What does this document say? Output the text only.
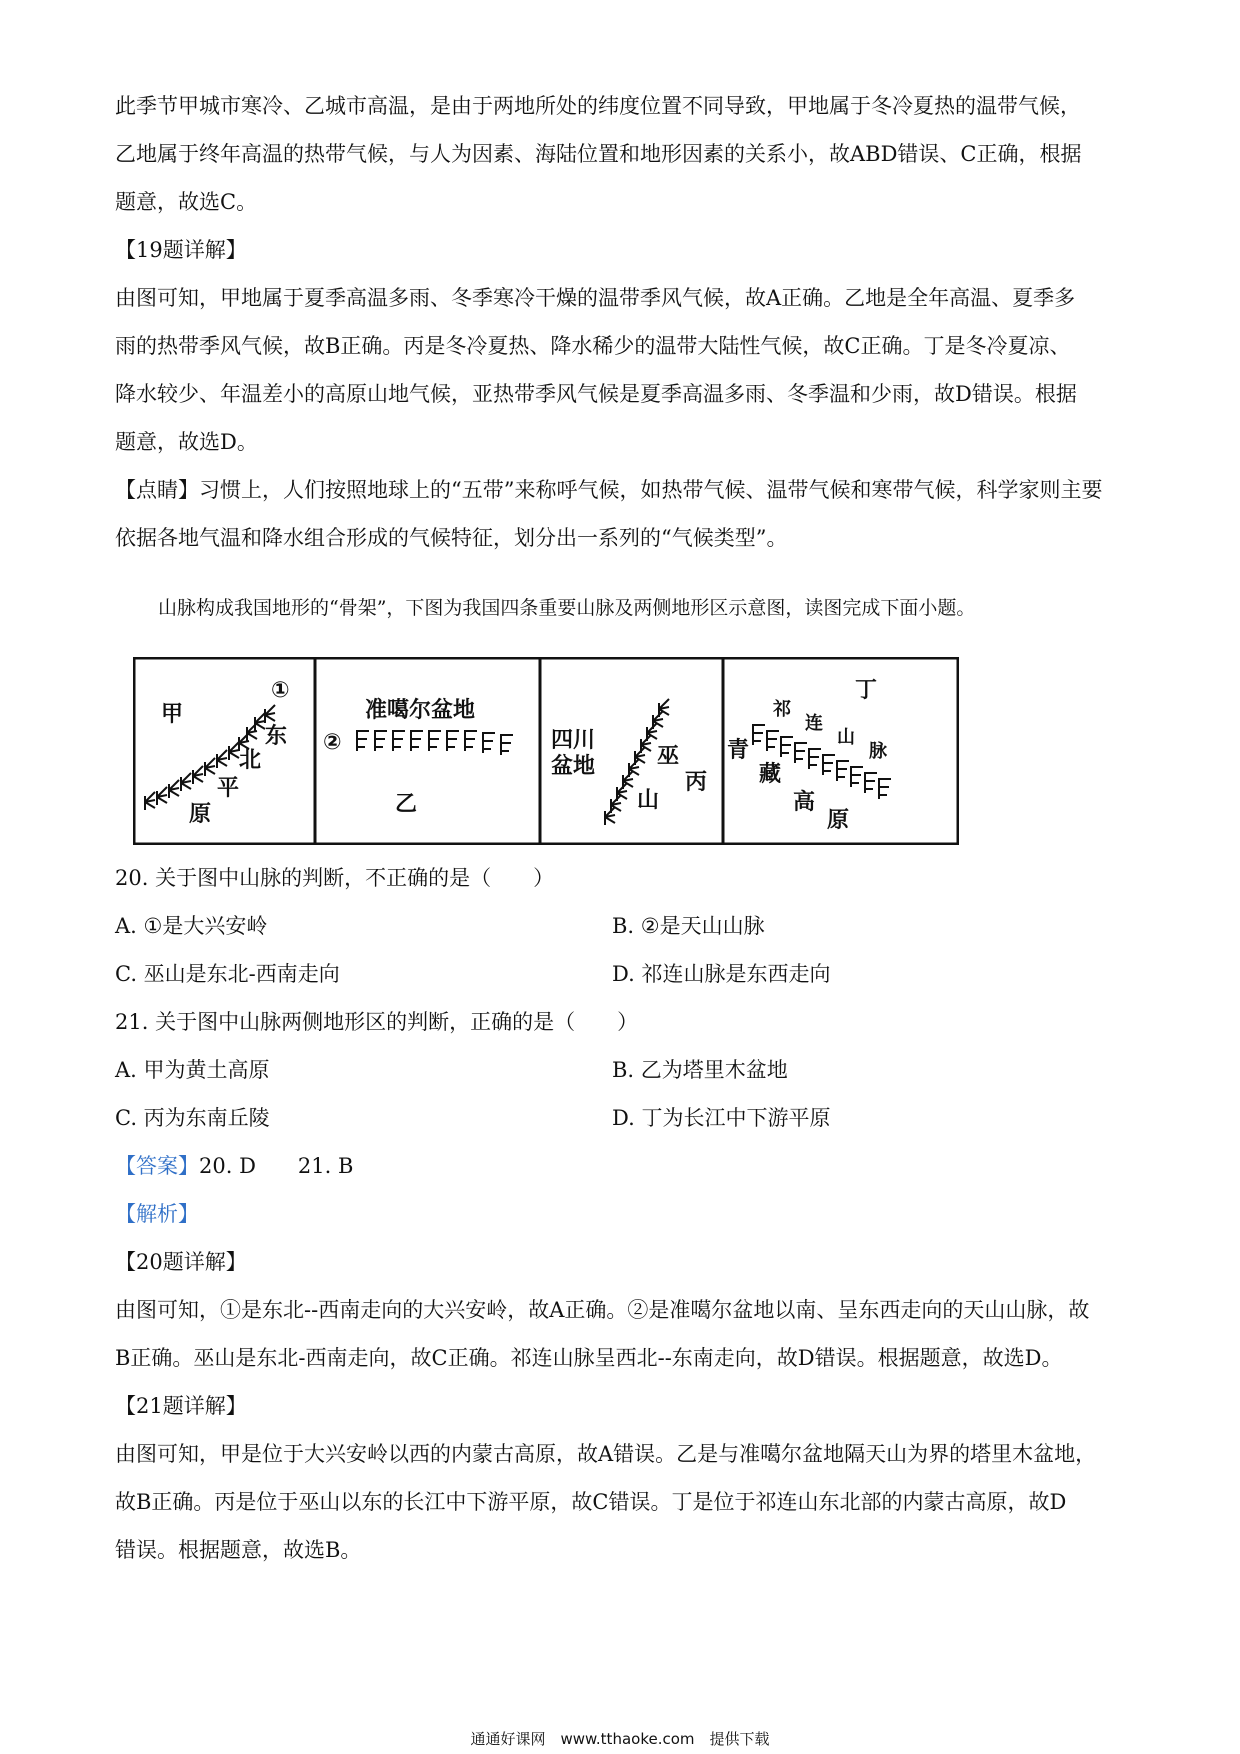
此季节甲城市寒冷、乙城市高温，是由于两地所处的纬度位置不同导致，甲地属于冬冷夏热的温带气候，
乙地属于终年高温的热带气候，与人为因素、海陆位置和地形因素的关系小，故ABD错误、C正确，根据
题意，故选C。
【19题详解】
由图可知，甲地属于夏季高温多雨、冬季寒冷干燥的温带季风气候，故A正确。乙地是全年高温、夏季多
雨的热带季风气候，故B正确。丙是冬冷夏热、降水稀少的温带大陆性气候，故C正确。丁是冬冷夏凉、
降水较少、年温差小的高原山地气候，亚热带季风气候是夏季高温多雨、冬季温和少雨，故D错误。根据
题意，故选D。
【点睛】习惯上，人们按照地球上的“五带”来称呼气候，如热带气候、温带气候和寒带气候，科学家则主要
依据各地气温和降水组合形成的气候特征，划分出一系列的“气候类型”。
山脉构成我国地形的“骨架”，下图为我国四条重要山脉及两侧地形区示意图，读图完成下面小题。
①
甲
东
北
平
原
准噶尔盆地
②
乙
四川
盆地	巫
山
丙
丁
祁
连
山
脉
青
藏
高
原
20. 关于图中山脉的判断，不正确的是（　　）
A. ①是大兴安岭	B. ②是天山山脉
C. 巫山是东北-西南走向	D. 祁连山脉是东西走向
21. 关于图中山脉两侧地形区的判断，正确的是（　　）
A. 甲为黄土高原	B. 乙为塔里木盆地
C. 丙为东南丘陵	D. 丁为长江中下游平原
【答案】20. D　　21. B
【解析】
【20题详解】
由图可知，①是东北--西南走向的大兴安岭，故A正确。②是准噶尔盆地以南、呈东西走向的天山山脉，故
B正确。巫山是东北-西南走向，故C正确。祁连山脉呈西北--东南走向，故D错误。根据题意，故选D。
【21题详解】
由图可知，甲是位于大兴安岭以西的内蒙古高原，故A错误。乙是与准噶尔盆地隔天山为界的塔里木盆地，
故B正确。丙是位于巫山以东的长江中下游平原，故C错误。丁是位于祁连山东北部的内蒙古高原，故D
错误。根据题意，故选B。
通通好课网　www.tthaoke.com　提供下载
